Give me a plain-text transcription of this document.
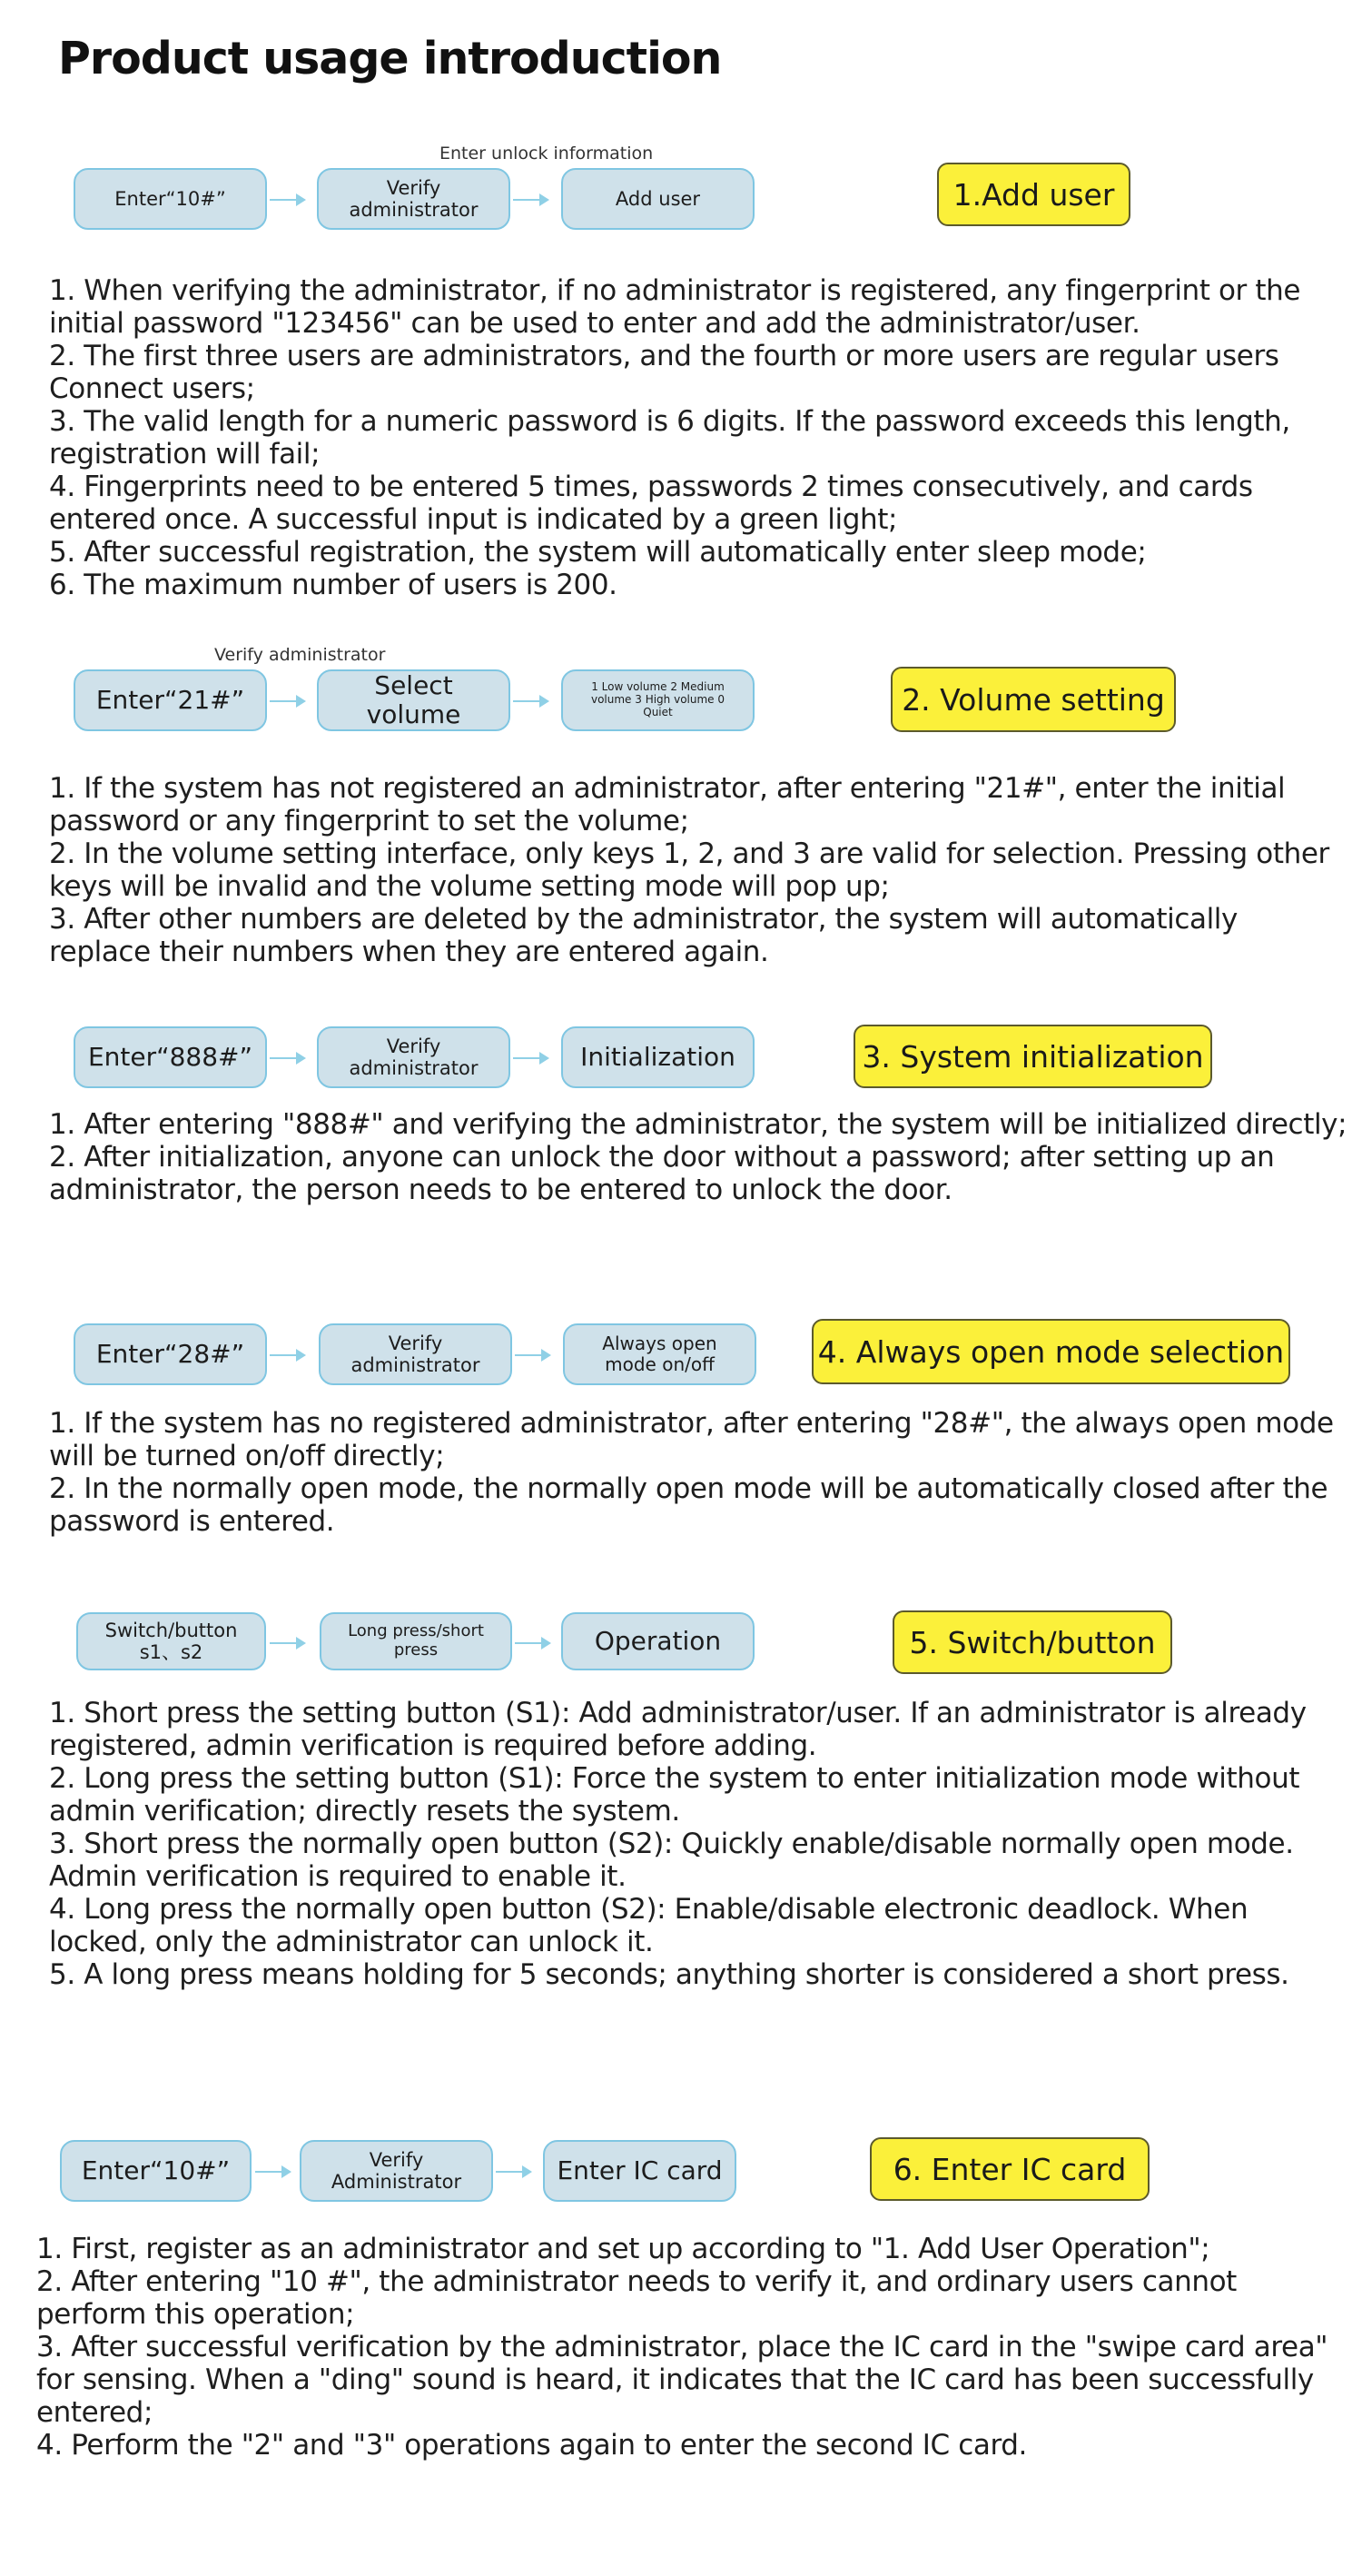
Product usage introduction
Enter unlock information
Enter“10#”
Verify administrator
Add user	1.Add user
1. When verifying the administrator, if no administrator is registered, any fingerprint or the initial password "123456" can be used to enter and add the administrator/user.
2. The first three users are administrators, and the fourth or more users are regular users Connect users;
3. The valid length for a numeric password is 6 digits. If the password exceeds this length, registration will fail;
4. Fingerprints need to be entered 5 times, passwords 2 times consecutively, and cards entered once. A successful input is indicated by a green light;
5. After successful registration, the system will automatically enter sleep mode;
6. The maximum number of users is 200.
Verify administrator
Enter“21#”	Select volume
1 Low volume 2 Medium volume 3 High volume 0 Quiet	2. Volume setting
1. If the system has not registered an administrator, after entering "21#", enter the initial password or any fingerprint to set the volume;
2. In the volume setting interface, only keys 1, 2, and 3 are valid for selection. Pressing other keys will be invalid and the volume setting mode will pop up;
3. After other numbers are deleted by the administrator, the system will automatically replace their numbers when they are entered again.
Enter“888#”	Verify administrator	Initialization	3. System initialization
1. After entering "888#" and verifying the administrator, the system will be initialized directly;
2. After initialization, anyone can unlock the door without a password; after setting up an administrator, the person needs to be entered to unlock the door.
Enter“28#”	Verify administrator
Always open mode on/off	4. Always open mode selection
1. If the system has no registered administrator, after entering "28#", the always open mode will be turned on/off directly;
2. In the normally open mode, the normally open mode will be automatically closed after the password is entered.
Switch/button s1、s2
Long press/short press	Operation	5. Switch/button
1. Short press the setting button (S1): Add administrator/user. If an administrator is already registered, admin verification is required before adding.
2. Long press the setting button (S1): Force the system to enter initialization mode without admin verification; directly resets the system.
3. Short press the normally open button (S2): Quickly enable/disable normally open mode. Admin verification is required to enable it.
4. Long press the normally open button (S2): Enable/disable electronic deadlock. When locked, only the administrator can unlock it.
5. A long press means holding for 5 seconds; anything shorter is considered a short press.
Enter“10#”	Verify Administrator	Enter IC card	6. Enter IC card
1. First, register as an administrator and set up according to "1. Add User Operation";
2. After entering "10 #", the administrator needs to verify it, and ordinary users cannot perform this operation;
3. After successful verification by the administrator, place the IC card in the "swipe card area" for sensing. When a "ding" sound is heard, it indicates that the IC card has been successfully entered;
4. Perform the "2" and "3" operations again to enter the second IC card.
